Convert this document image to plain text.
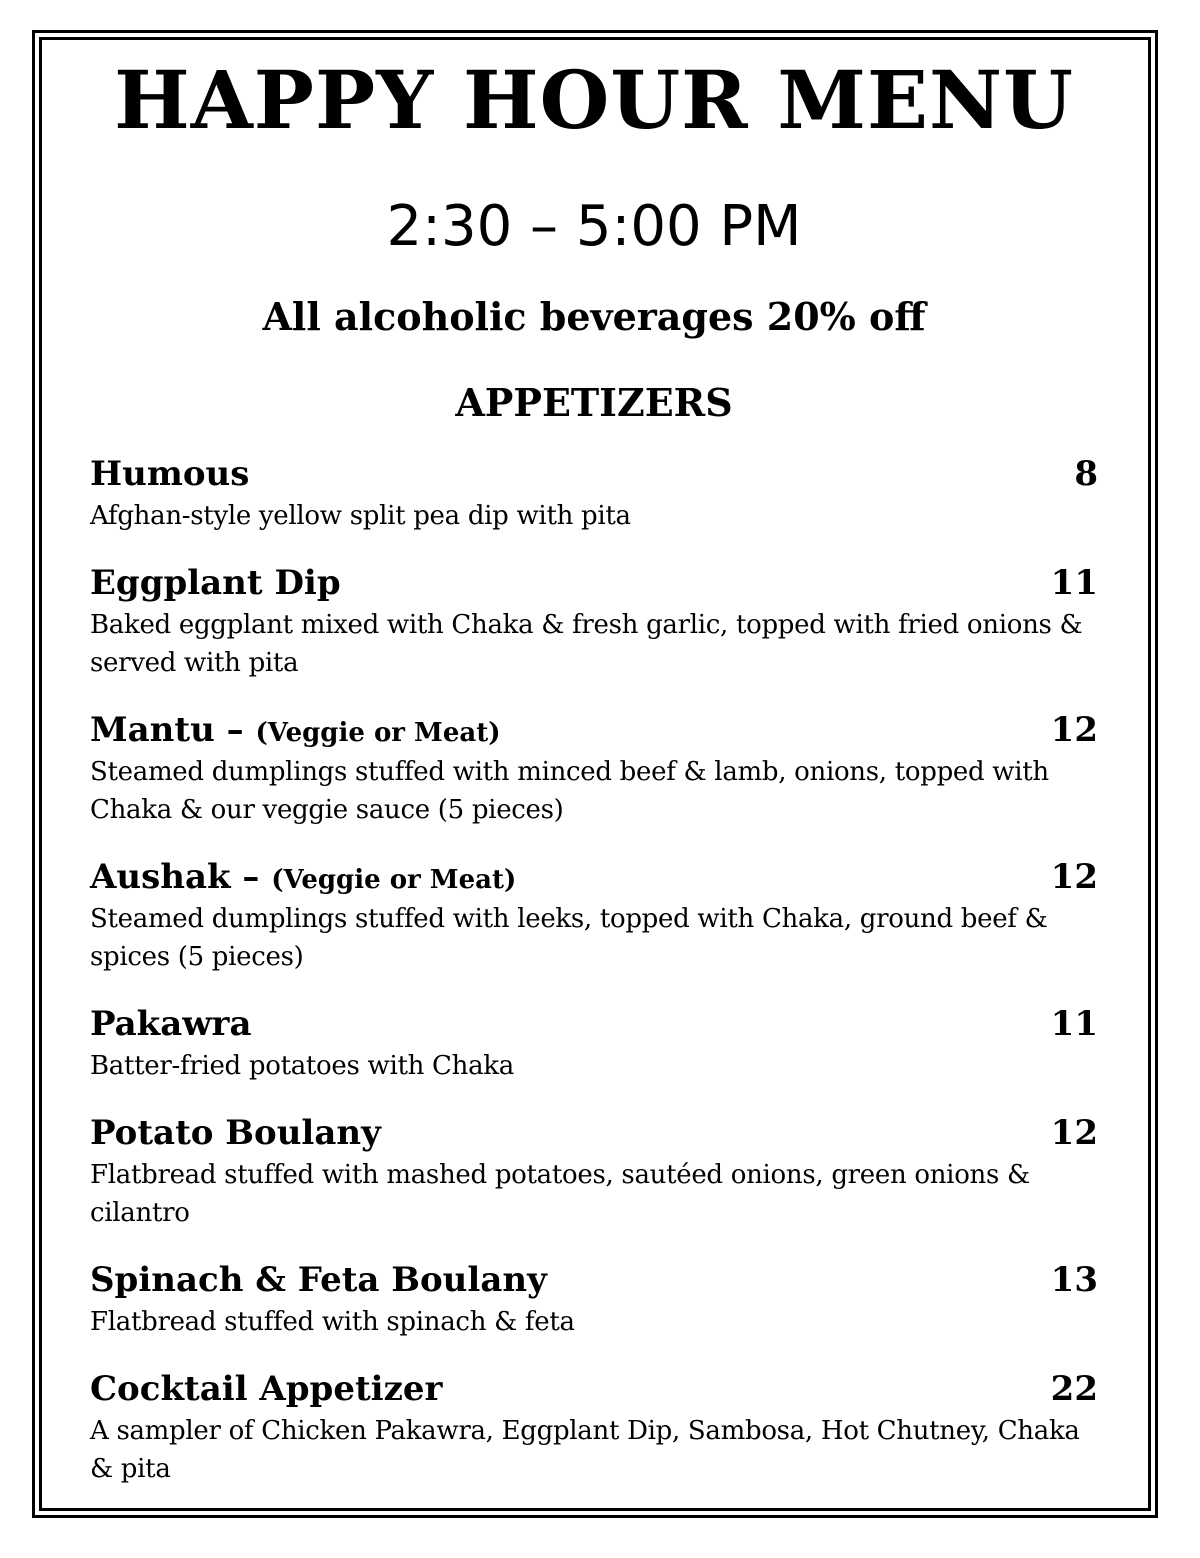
HAPPY HOUR MENU
2:30 – 5:00 PM
All alcoholic beverages 20% off
APPETIZERS
Humous	8
Afghan-style yellow split pea dip with pita
Eggplant Dip	11
Baked eggplant mixed with Chaka & fresh garlic, topped with fried onions & served with pita
Mantu – (Veggie or Meat)	12
Steamed dumplings stuffed with minced beef & lamb, onions, topped with Chaka & our veggie sauce (5 pieces)
Aushak – (Veggie or Meat)	12
Steamed dumplings stuffed with leeks, topped with Chaka, ground beef & spices (5 pieces)
Pakawra	11
Batter-fried potatoes with Chaka
Potato Boulany	12
Flatbread stuffed with mashed potatoes, sautéed onions, green onions & cilantro
Spinach & Feta Boulany	13
Flatbread stuffed with spinach & feta
Cocktail Appetizer	22
A sampler of Chicken Pakawra, Eggplant Dip, Sambosa, Hot Chutney, Chaka & pita
